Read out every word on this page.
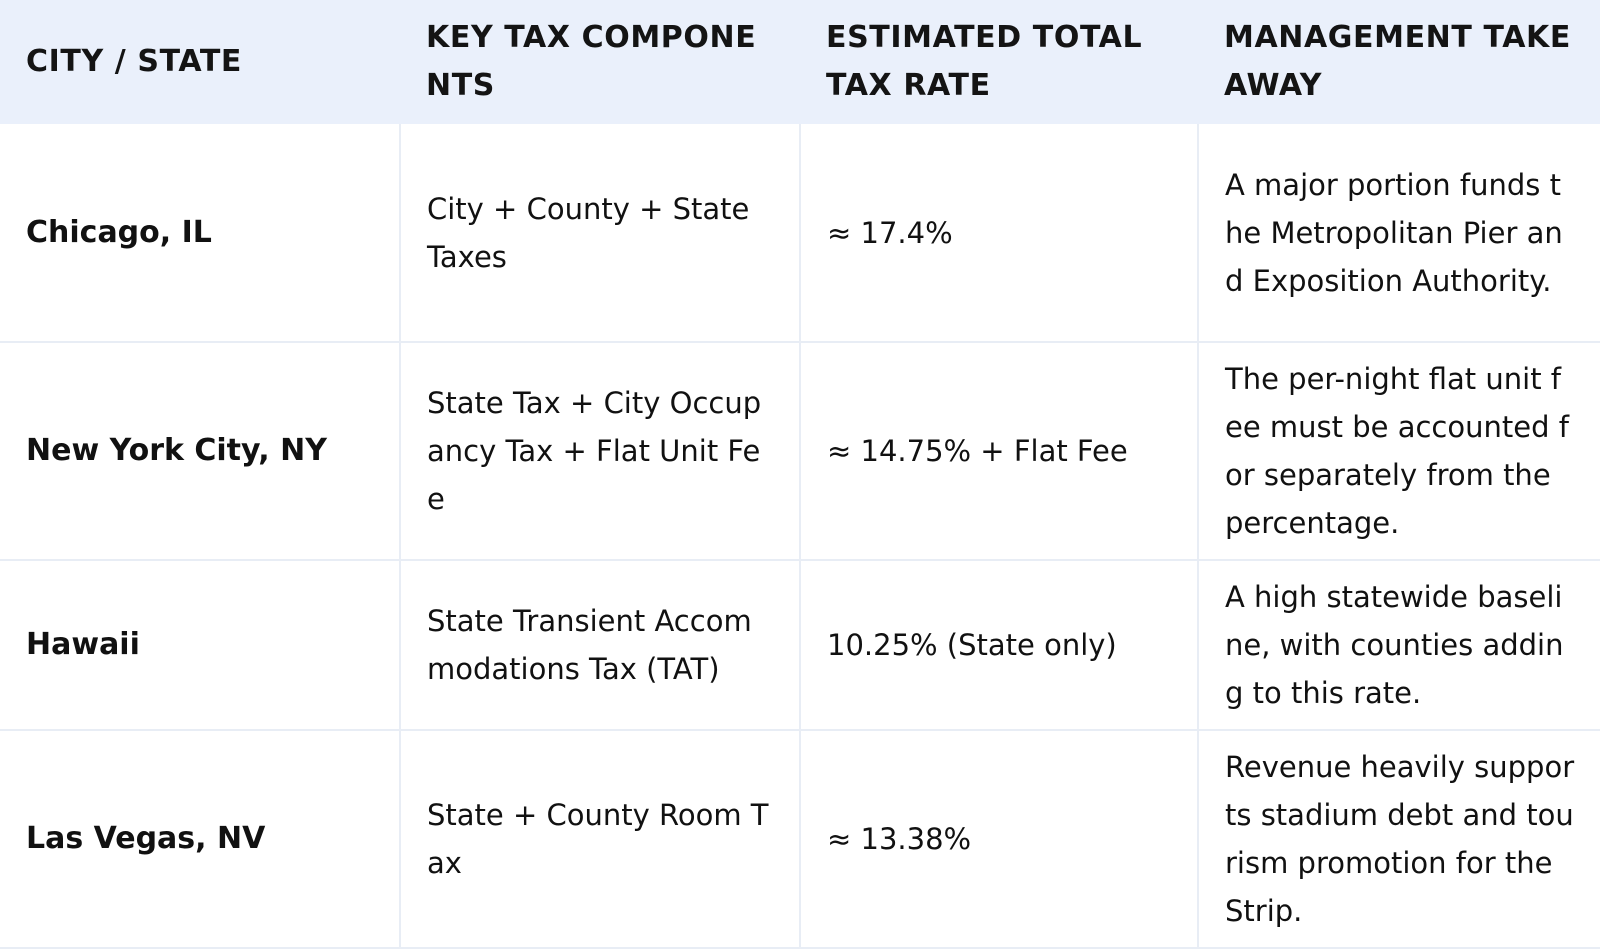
CITY / STATE	KEY TAX COMPONENTS	ESTIMATED TOTAL TAX RATE	MANAGEMENT TAKEAWAY
Chicago, IL	City + County + State Taxes	≈ 17.4%	A major portion funds the Metropolitan Pier and Exposition Authority.
New York City, NY	State Tax + City Occupancy Tax + Flat Unit Fee	≈ 14.75% + Flat Fee	The per-night flat unit fee must be accounted for separately from the percentage.
Hawaii	State Transient Accommodations Tax (TAT)	10.25% (State only)	A high statewide baseline, with counties adding to this rate.
Las Vegas, NV	State + County Room Tax	≈ 13.38%	Revenue heavily supports stadium debt and tourism promotion for the Strip.
